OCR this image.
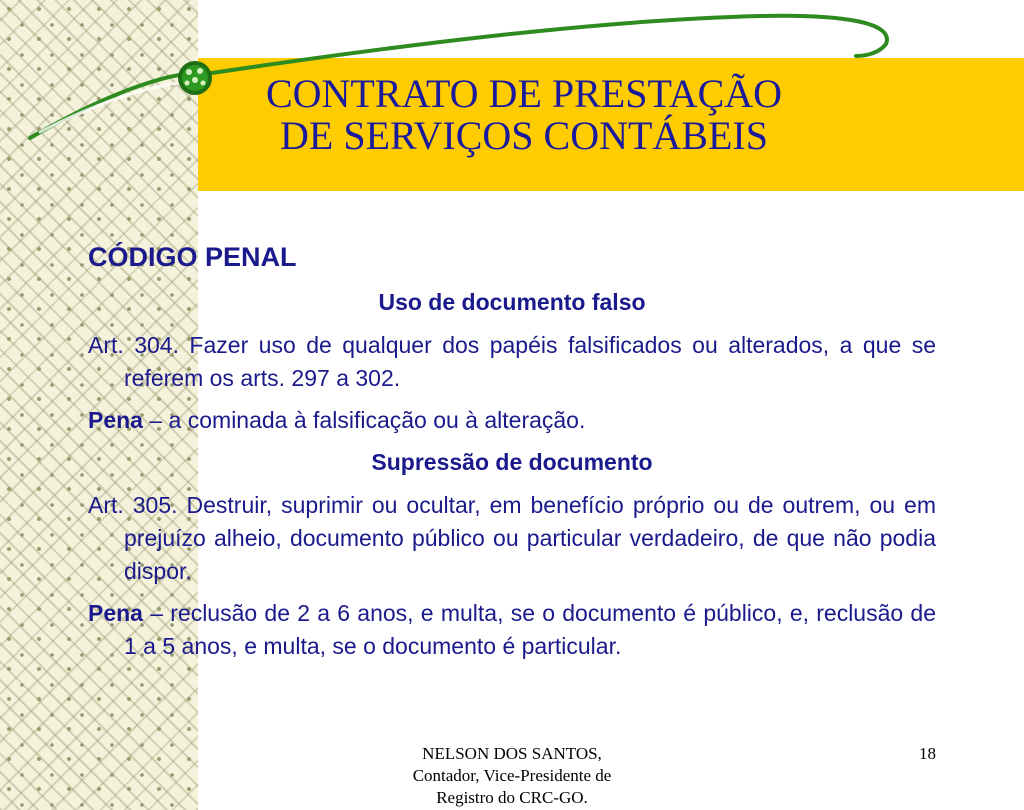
CONTRATO DE PRESTAÇÃO
DE SERVIÇOS CONTÁBEIS
CÓDIGO PENAL
Uso de documento falso
Art. 304. Fazer uso de qualquer dos papéis falsificados ou alterados, a que se referem os arts. 297 a 302.
Pena – a cominada à falsificação ou à alteração.
Supressão de documento
Art. 305. Destruir, suprimir ou ocultar, em benefício próprio ou de outrem, ou em prejuízo alheio, documento público ou particular verdadeiro, de que não podia dispor.
Pena – reclusão de 2 a 6 anos, e multa, se o documento é público, e, reclusão de 1 a 5 anos, e multa, se o documento é particular.
NELSON DOS SANTOS,
Contador, Vice-Presidente de
Registro do CRC-GO.
18
